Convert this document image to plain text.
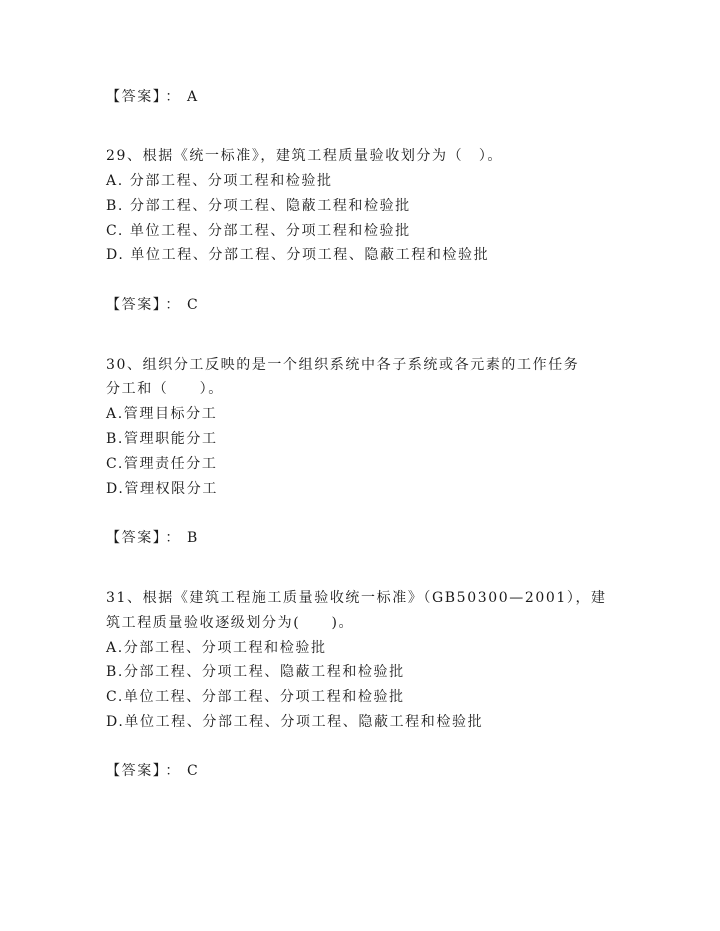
【答案】 ： A
29、根据《统一标准》，建筑工程质量验收划分为（　）。
A. 分部工程、分项工程和检验批
B. 分部工程、分项工程、隐蔽工程和检验批
C. 单位工程、分部工程、分项工程和检验批
D. 单位工程、分部工程、分项工程、隐蔽工程和检验批
【答案】 ： C
30、组织分工反映的是一个组织系统中各子系统或各元素的工作任务
分工和（　　）。
A.管理目标分工
B.管理职能分工
C.管理责任分工
D.管理权限分工
【答案】 ： B
31、根据《建筑工程施工质量验收统一标准》（GB50300—2001），建
筑工程质量验收逐级划分为(　　)。
A.分部工程、分项工程和检验批
B.分部工程、分项工程、隐蔽工程和检验批
C.单位工程、分部工程、分项工程和检验批
D.单位工程、分部工程、分项工程、隐蔽工程和检验批
【答案】 ： C
